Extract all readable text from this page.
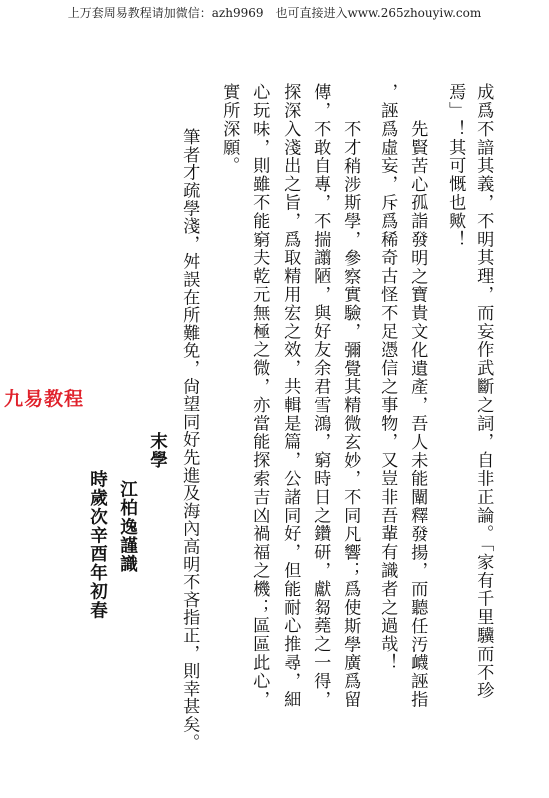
上万套周易教程请加微信：azh9969　也可直接进入www.265zhouyiw.com
九易教程	成爲不諳其義，不明其理，而妄作武斷之詞，自非正論。「家有千里驥而不珍
焉」！其可慨也歟！
先賢苦心孤詣發明之寶貴文化遺產，吾人未能闡釋發揚，而聽任汚衊誣指
，誣爲虛妄，斥爲稀奇古怪不足憑信之事物，又豈非吾輩有識者之過哉！
不才稍涉斯學，參察實驗，彌覺其精微玄妙，不同凡響；爲使斯學廣爲留
傳，不敢自專，不揣譾陋，與好友余君雪鴻，窮時日之鑽研，獻芻蕘之一得，
探深入淺出之旨，爲取精用宏之效，共輯是篇，公諸同好，但能耐心推尋，細
心玩味，則雖不能窮夫乾元無極之微，亦當能探索吉凶禍福之機；區區此心，
實所深願。
筆者才疏學淺，舛誤在所難免，尙望同好先進及海內高明不吝指正，則幸甚矣。
末學
江柏逸謹識
時歲次辛酉年初春
